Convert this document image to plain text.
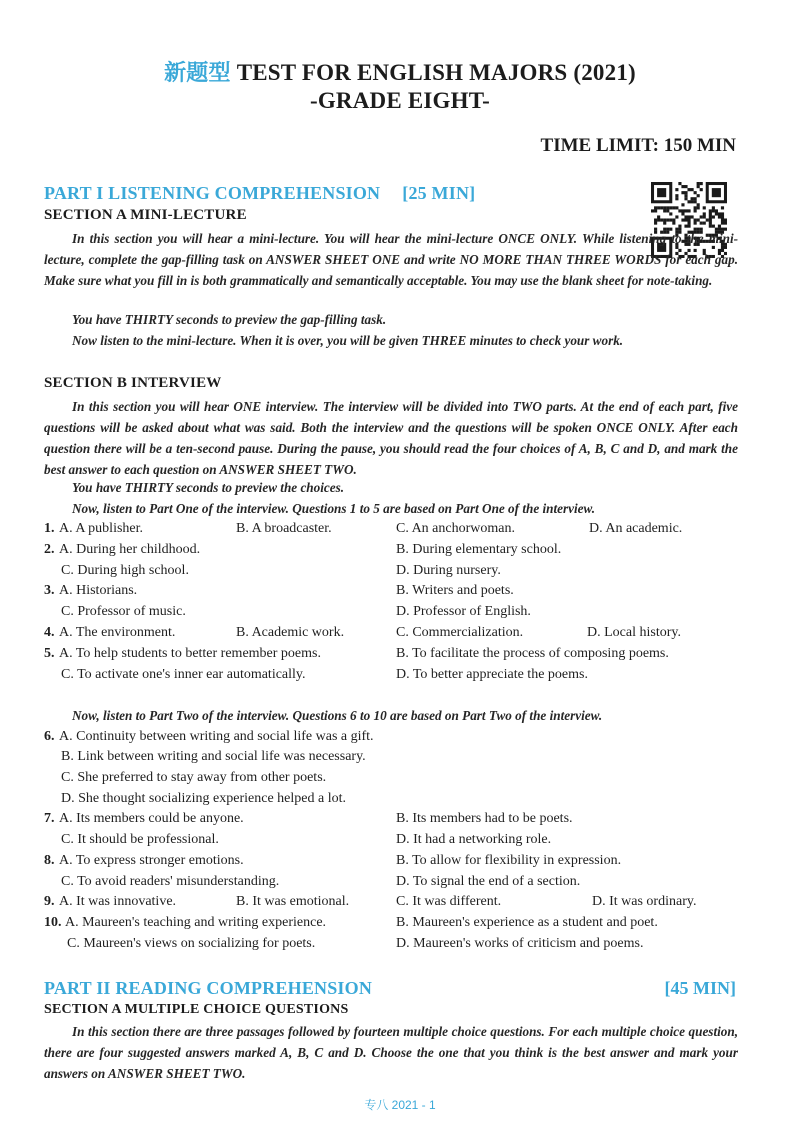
新题型 TEST FOR ENGLISH MAJORS (2021)
-GRADE EIGHT-
TIME LIMIT: 150 MIN
PART I LISTENING COMPREHENSION [25 MIN]
SECTION A MINI-LECTURE
In this section you will hear a mini-lecture. You will hear the mini-lecture ONCE ONLY. While listening to the mini-lecture, complete the gap-filling task on ANSWER SHEET ONE and write NO MORE THAN THREE WORDS for each gap. Make sure what you fill in is both grammatically and semantically acceptable. You may use the blank sheet for note-taking.
You have THIRTY seconds to preview the gap-filling task.
Now listen to the mini-lecture. When it is over, you will be given THREE minutes to check your work.
SECTION B INTERVIEW
In this section you will hear ONE interview. The interview will be divided into TWO parts. At the end of each part, five questions will be asked about what was said. Both the interview and the questions will be spoken ONCE ONLY. After each question there will be a ten-second pause. During the pause, you should read the four choices of A, B, C and D, and mark the best answer to each question on ANSWER SHEET TWO.
You have THIRTY seconds to preview the choices.
Now, listen to Part One of the interview. Questions 1 to 5 are based on Part One of the interview.
1. A. A publisher.	B. A broadcaster.	C. An anchorwoman.	D. An academic.
2. A. During her childhood.	B. During elementary school.
C. During high school.	D. During nursery.
3. A. Historians.	B. Writers and poets.
C. Professor of music.	D. Professor of English.
4. A. The environment.	B. Academic work.	C. Commercialization.	D. Local history.
5. A. To help students to better remember poems.	B. To facilitate the process of composing poems.
C. To activate one's inner ear automatically.	D. To better appreciate the poems.
Now, listen to Part Two of the interview. Questions 6 to 10 are based on Part Two of the interview.
6. A. Continuity between writing and social life was a gift.
B. Link between writing and social life was necessary.
C. She preferred to stay away from other poets.
D. She thought socializing experience helped a lot.
7. A. Its members could be anyone.	B. Its members had to be poets.
C. It should be professional.	D. It had a networking role.
8. A. To express stronger emotions.	B. To allow for flexibility in expression.
C. To avoid readers' misunderstanding.	D. To signal the end of a section.
9. A. It was innovative.	B. It was emotional.	C. It was different.	D. It was ordinary.
10. A. Maureen's teaching and writing experience.	B. Maureen's experience as a student and poet.
C. Maureen's views on socializing for poets.	D. Maureen's works of criticism and poems.
PART II READING COMPREHENSION	[45 MIN]
SECTION A MULTIPLE CHOICE QUESTIONS
In this section there are three passages followed by fourteen multiple choice questions. For each multiple choice question, there are four suggested answers marked A, B, C and D. Choose the one that you think is the best answer and mark your answers on ANSWER SHEET TWO.
专八 2021 - 1
